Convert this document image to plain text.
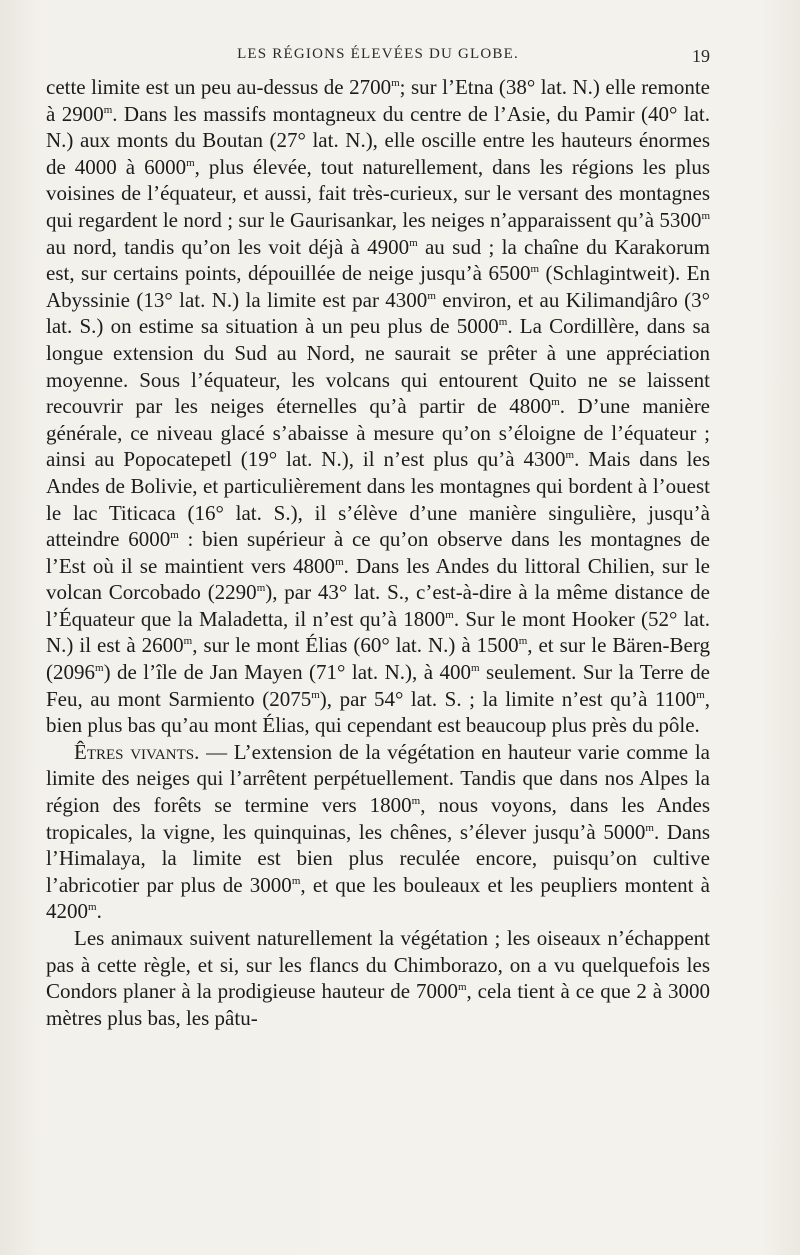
LES RÉGIONS ÉLEVÉES DU GLOBE.	19

cette limite est un peu au-dessus de 2700$^m$; sur l’Etna (38° lat. N.) elle remonte à 2900$^m$. Dans les massifs montagneux du centre de l’Asie, du Pamir (40° lat. N.) aux monts du Boutan (27° lat. N.), elle oscille entre les hauteurs énormes de 4000 à 6000$^m$, plus élevée, tout naturellement, dans les régions les plus voisines de l’équateur, et aussi, fait très-curieux, sur le versant des montagnes qui regardent le nord ; sur le Gaurisankar, les neiges n’apparaissent qu’à 5300$^m$ au nord, tandis qu’on les voit déjà à 4900$^m$ au sud ; la chaîne du Karakorum est, sur certains points, dépouillée de neige jusqu’à 6500$^m$ (Schlagintweit). En Abyssinie (13° lat. N.) la limite est par 4300$^m$ environ, et au Kilimandjâro (3° lat. S.) on estime sa situation à un peu plus de 5000$^m$. La Cordillère, dans sa longue extension du Sud au Nord, ne saurait se prêter à une appréciation moyenne. Sous l’équateur, les volcans qui entourent Quito ne se laissent recouvrir par les neiges éternelles qu’à partir de 4800$^m$. D’une manière générale, ce niveau glacé s’abaisse à mesure qu’on s’éloigne de l’équateur ; ainsi au Popocatepetl (19° lat. N.), il n’est plus qu’à 4300$^m$. Mais dans les Andes de Bolivie, et particulièrement dans les montagnes qui bordent à l’ouest le lac Titicaca (16° lat. S.), il s’élève d’une manière singulière, jusqu’à atteindre 6000$^m$ : bien supérieur à ce qu’on observe dans les montagnes de l’Est où il se maintient vers 4800$^m$. Dans les Andes du littoral Chilien, sur le volcan Corcobado (2290$^m$), par 43° lat. S., c’est-à-dire à la même distance de l’Équateur que la Maladetta, il n’est qu’à 1800$^m$. Sur le mont Hooker (52° lat. N.) il est à 2600$^m$, sur le mont Élias (60° lat. N.) à 1500$^m$, et sur le Bären-Berg (2096$^m$) de l’île de Jan Mayen (71° lat. N.), à 400$^m$ seulement. Sur la Terre de Feu, au mont Sarmiento (2075$^m$), par 54° lat. S. ; la limite n’est qu’à 1100$^m$, bien plus bas qu’au mont Élias, qui cependant est beaucoup plus près du pôle.

Êtres vivants. — L’extension de la végétation en hauteur varie comme la limite des neiges qui l’arrêtent perpétuellement. Tandis que dans nos Alpes la région des forêts se termine vers 1800$^m$, nous voyons, dans les Andes tropicales, la vigne, les quinquinas, les chênes, s’élever jusqu’à 5000$^m$. Dans l’Himalaya, la limite est bien plus reculée encore, puisqu’on cultive l’abricotier par plus de 3000$^m$, et que les bouleaux et les peupliers montent à 4200$^m$.

Les animaux suivent naturellement la végétation ; les oiseaux n’échappent pas à cette règle, et si, sur les flancs du Chimborazo, on a vu quelquefois les Condors planer à la prodigieuse hauteur de 7000$^m$, cela tient à ce que 2 à 3000 mètres plus bas, les pâtu-
